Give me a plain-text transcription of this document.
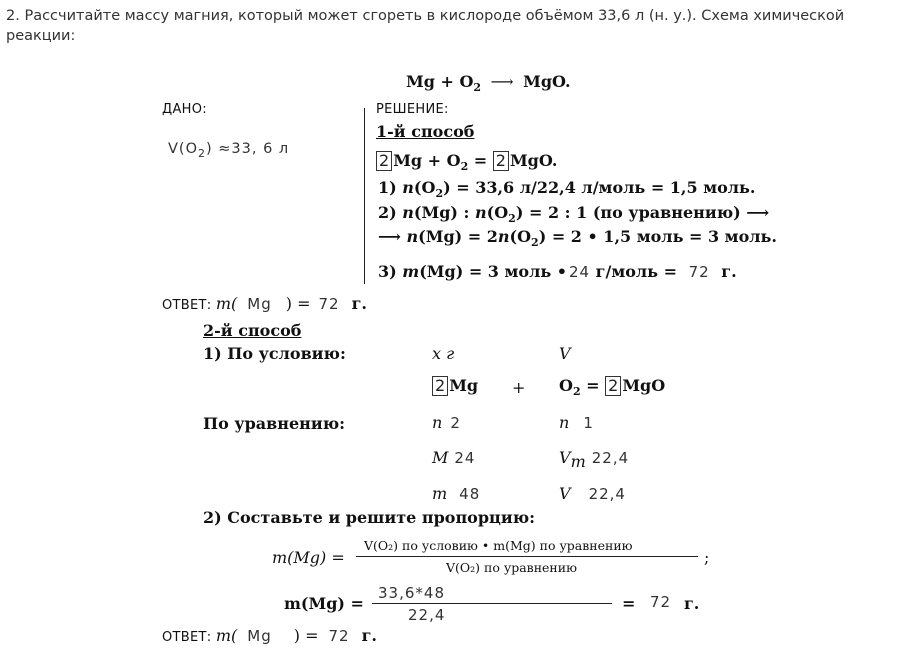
2. Рассчитайте массу магния, который может сгореть в кислороде объёмом 33,6 л (н. у.). Схема химической
реакции:
$Mg + O_2$ ⟶ MgO.
ДАНО:
$V(O_2) \approx 33$, 6 л
РЕШЕНИЕ:
1-й способ
2 $Mg + O_2 = 2$ MgO.
1) $n(O_2) = 33,6$ л/22,4 л/моль = 1,5 моль.
2) n(Mg) : $n(O_2) = 2$ : 1 (по уравнению) ⟶
⟶ $n(Mg) = 2n(O_2) = 2$ • 1,5 моль = 3 моль.
3) m(Mg) = 3 моль • 24 г/моль = 72 г.
ОТВЕТ: m( Mg ) = 72 г.
2-й способ
1) По условию:	x г	V
2 $Mg + O_2 = 2$ MgO
По уравнению:	n 2	n 1
M 24	$V_m$ 22,4
m 48	V 22,4
2) Составьте и решите пропорцию:
m(Mg) =
V(O₂) по условию • m(Mg) по уравнению
V(O₂) по уравнению
;
m(Mg) =
33,6*48
22,4
= 72 г.
ОТВЕТ: m( Mg ) = 72 г.
